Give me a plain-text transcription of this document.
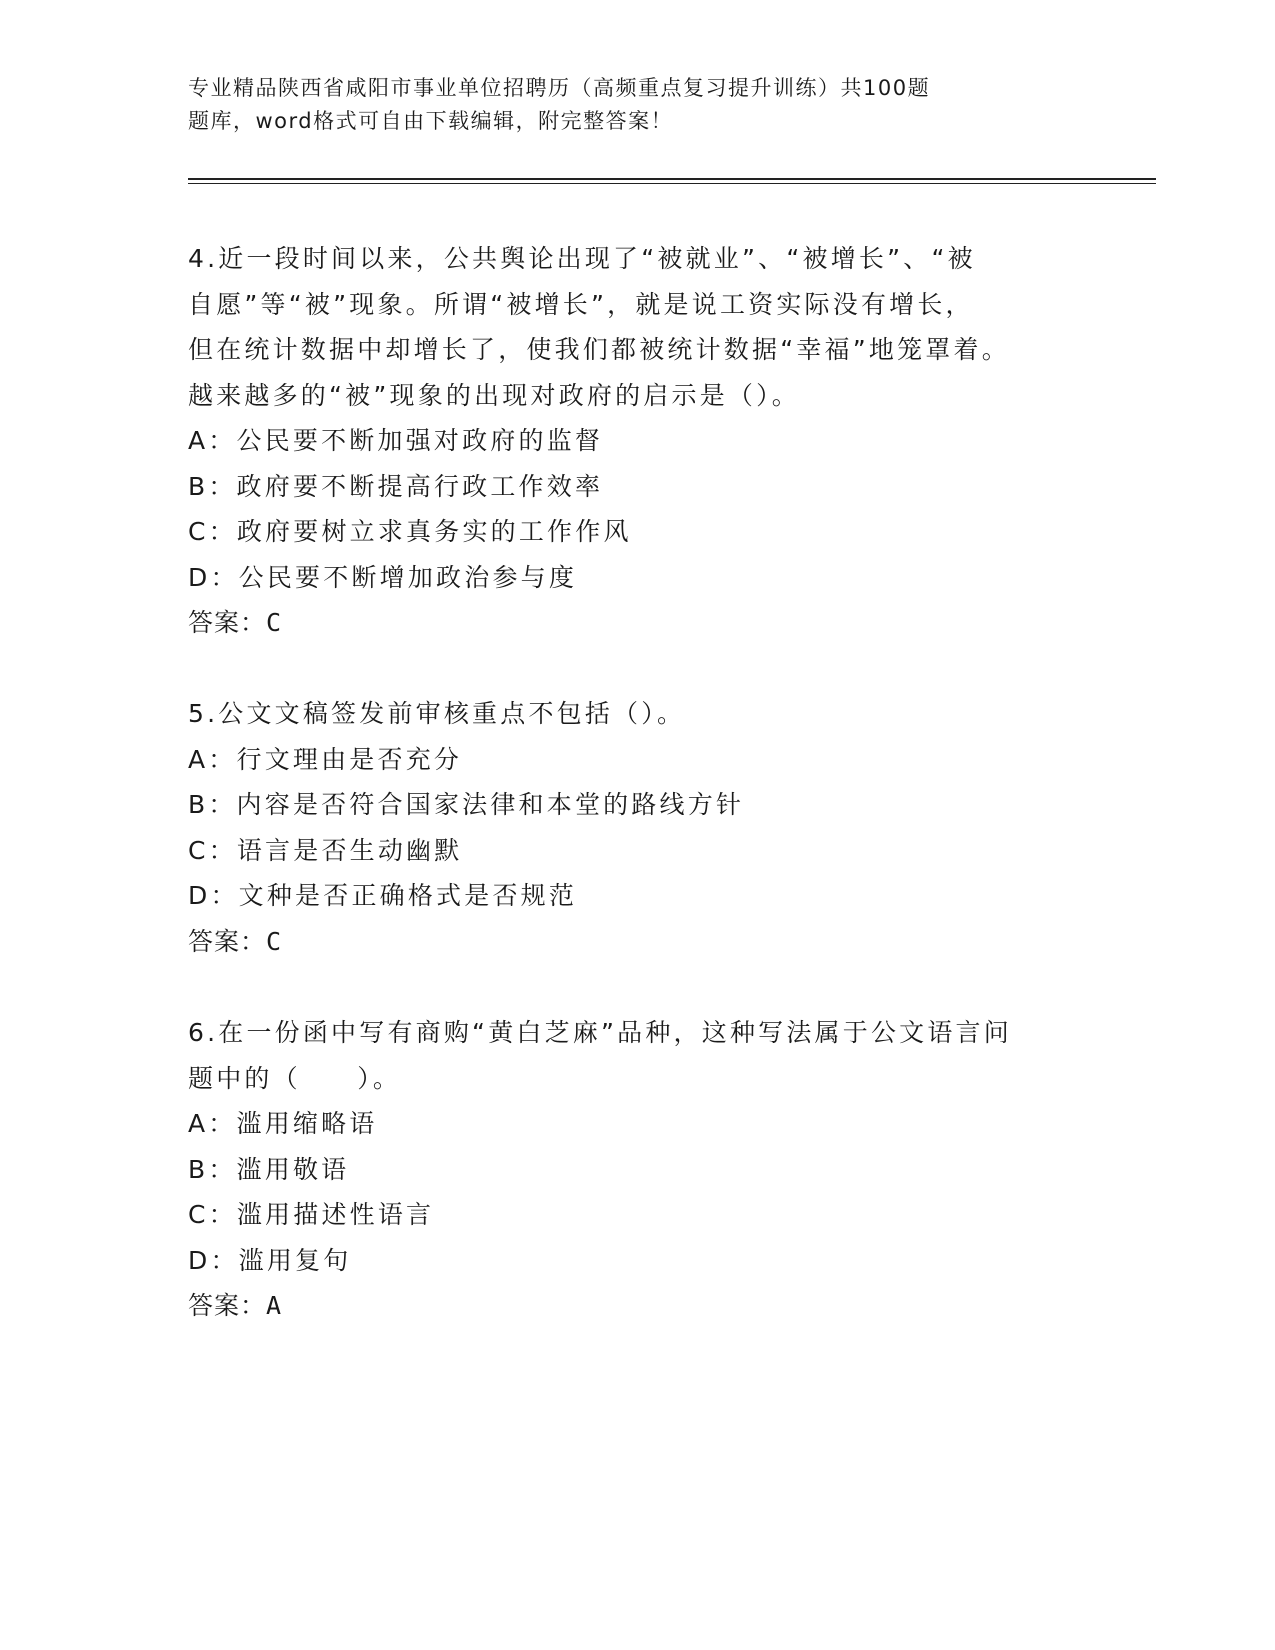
专业精品陕西省咸阳市事业单位招聘历（高频重点复习提升训练）共100题
题库，word格式可自由下载编辑，附完整答案！
4.近一段时间以来，公共舆论出现了“被就业”、“被增长”、“被
自愿”等“被”现象。所谓“被增长”，就是说工资实际没有增长，
但在统计数据中却增长了，使我们都被统计数据“幸福”地笼罩着。
越来越多的“被”现象的出现对政府的启示是（）。
A：公民要不断加强对政府的监督
B：政府要不断提高行政工作效率
C：政府要树立求真务实的工作作风
D：公民要不断增加政治参与度
答案：C
5.公文文稿签发前审核重点不包括（）。
A：行文理由是否充分
B：内容是否符合国家法律和本堂的路线方针
C：语言是否生动幽默
D：文种是否正确格式是否规范
答案：C
6.在一份函中写有商购“黄白芝麻”品种，这种写法属于公文语言问
题中的（　　）。
A：滥用缩略语
B：滥用敬语
C：滥用描述性语言
D：滥用复句
答案：A
